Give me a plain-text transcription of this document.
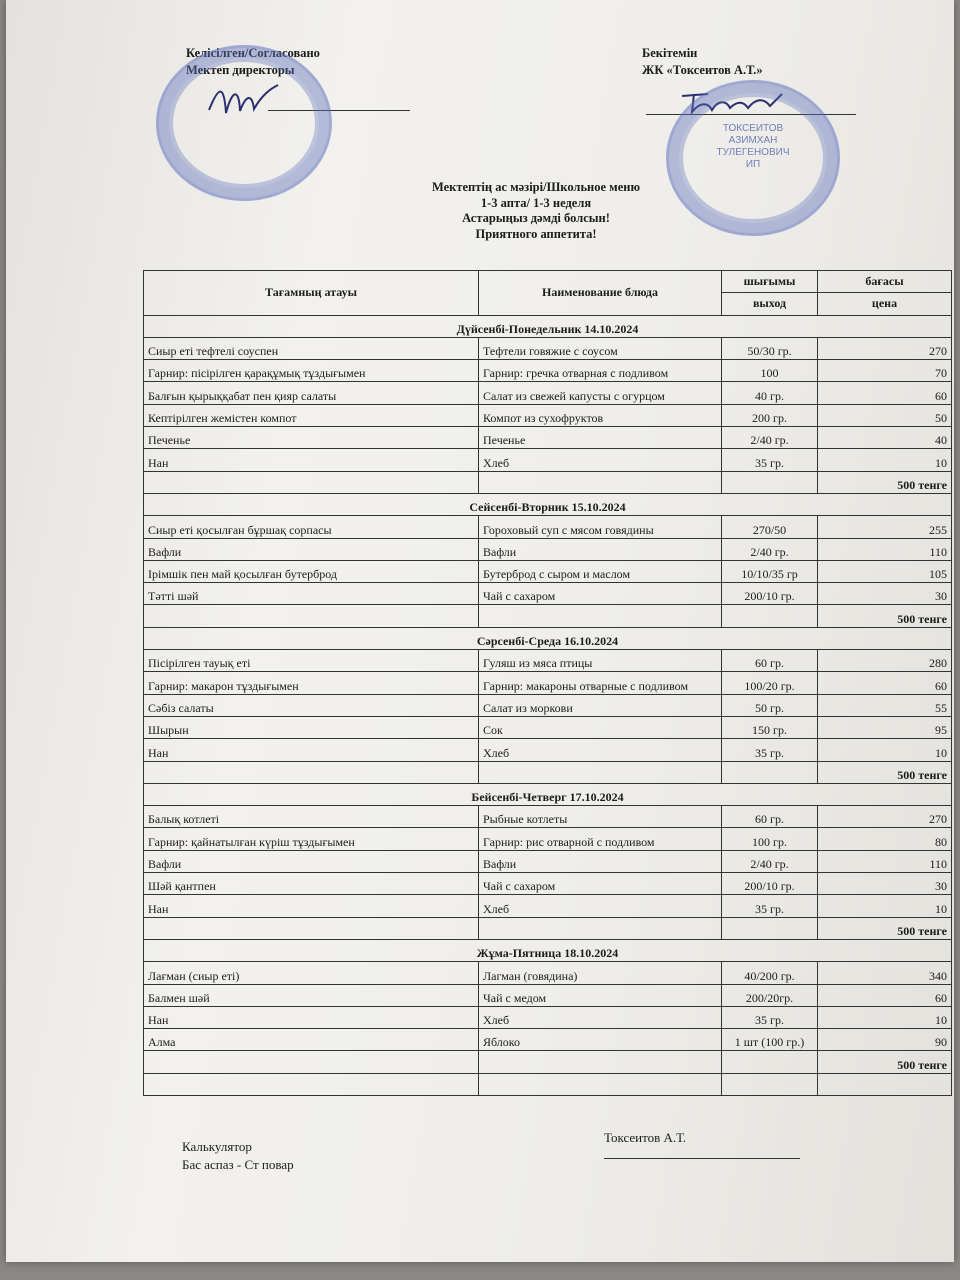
Келісілген/Согласовано
Мектеп директоры
Бекітемін
ЖК «Токсеитов А.Т.»
ТОКСЕИТОВ
АЗИМХАН
ТУЛЕГЕНОВИЧ
ИП
Мектептің ас мәзірі/Школьное меню
1-3 апта/ 1-3 неделя
Астарыңыз дәмді болсын!
Приятного аппетита!
Тағамның атауы	Наименование блюда	шығымы	бағасы
		выход	цена
Дүйсенбі-Понедельник 14.10.2024			
Сиыр еті тефтелі соуспен	Тефтели говяжие с соусом	50/30 гр.	270
Гарнир: пісірілген қарақұмық тұздығымен	Гарнир: гречка отварная с подливом	100	70
Балғын қырыққабат пен қияр салаты	Салат из свежей капусты с огурцом	40 гр.	60
Кептірілген жемістен компот	Компот из сухофруктов	200 гр.	50
Печенье	Печенье	2/40 гр.	40
Нан	Хлеб	35 гр.	10
			500 тенге
Сейсенбі-Вторник 15.10.2024			
Сиыр еті қосылған бұршақ сорпасы	Гороховый суп с мясом говядины	270/50	255
Вафли	Вафли	2/40 гр.	110
Ірімшік пен май қосылған бутерброд	Бутерброд с сыром и маслом	10/10/35 гр	105
Тәтті шәй	Чай с сахаром	200/10 гр.	30
			500 тенге
Сәрсенбі-Среда 16.10.2024			
Пісірілген тауық еті	Гуляш из мяса птицы	60 гр.	280
Гарнир: макарон тұздығымен	Гарнир: макароны отварные с подливом	100/20 гр.	60
Сәбіз салаты	Салат из моркови	50 гр.	55
Шырын	Сок	150 гр.	95
Нан	Хлеб	35 гр.	10
			500 тенге
Бейсенбі-Четверг 17.10.2024			
Балық котлеті	Рыбные котлеты	60 гр.	270
Гарнир: қайнатылған күріш тұздығымен	Гарнир: рис отварной с подливом	100 гр.	80
Вафли	Вафли	2/40 гр.	110
Шәй қантпен	Чай с сахаром	200/10 гр.	30
Нан	Хлеб	35 гр.	10
			500 тенге
Жұма-Пятница 18.10.2024			
Лағман (сиыр еті)	Лагман (говядина)	40/200 гр.	340
Балмен шәй	Чай с медом	200/20гр.	60
Нан	Хлеб	35 гр.	10
Алма	Яблоко	1 шт (100 гр.)	90
			500 тенге

Калькулятор
Бас аспаз - Ст повар
Токсеитов А.Т.
